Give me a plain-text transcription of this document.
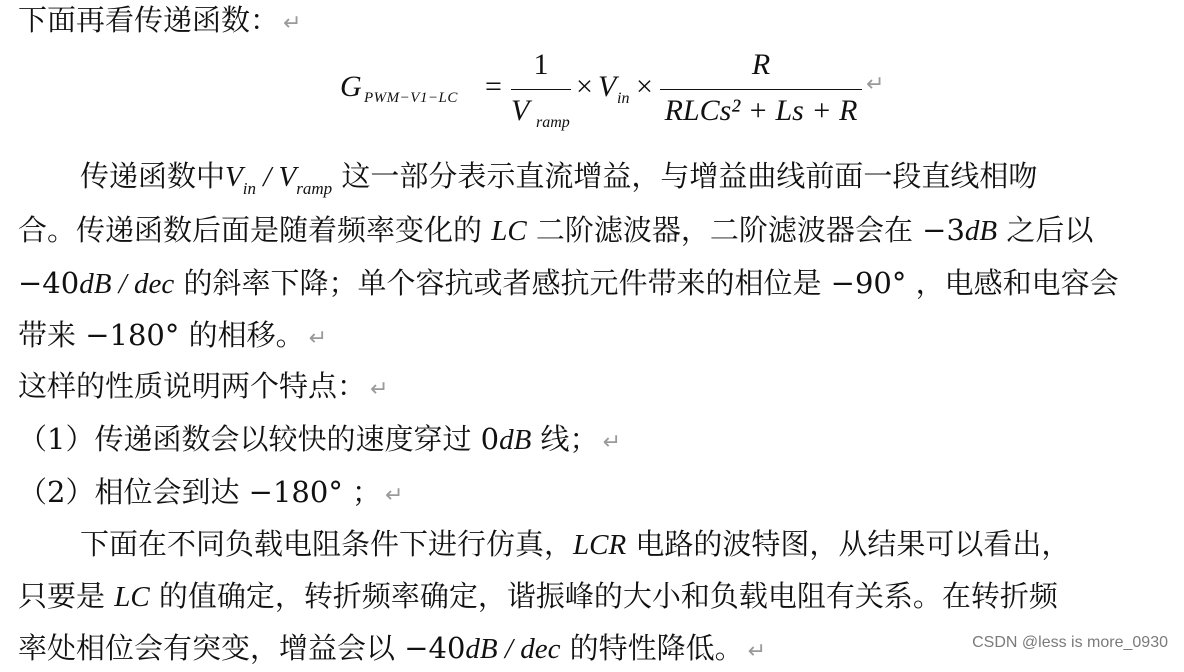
下面再看传递函数： ↵
G PWM−V1−LC =
1
V ramp
× V in ×
R
RLCs² + Ls + R
↵
传递函数中$V_{in} / V_{ramp}$ 这一部分表示直流增益，与增益曲线前面一段直线相吻
合。传递函数后面是随着频率变化的 LC 二阶滤波器，二阶滤波器会在 −3dB 之后以
−40dB / dec 的斜率下降；单个容抗或者感抗元件带来的相位是 −90° ，电感和电容会
带来 −180° 的相移。 ↵
这样的性质说明两个特点： ↵
（1）传递函数会以较快的速度穿过 0dB 线； ↵
（2）相位会到达 −180° ； ↵
下面在不同负载电阻条件下进行仿真，LCR 电路的波特图，从结果可以看出，
只要是 LC 的值确定，转折频率确定，谐振峰的大小和负载电阻有关系。在转折频
率处相位会有突变，增益会以 −40dB / dec 的特性降低。 ↵	CSDN @less is more_0930
